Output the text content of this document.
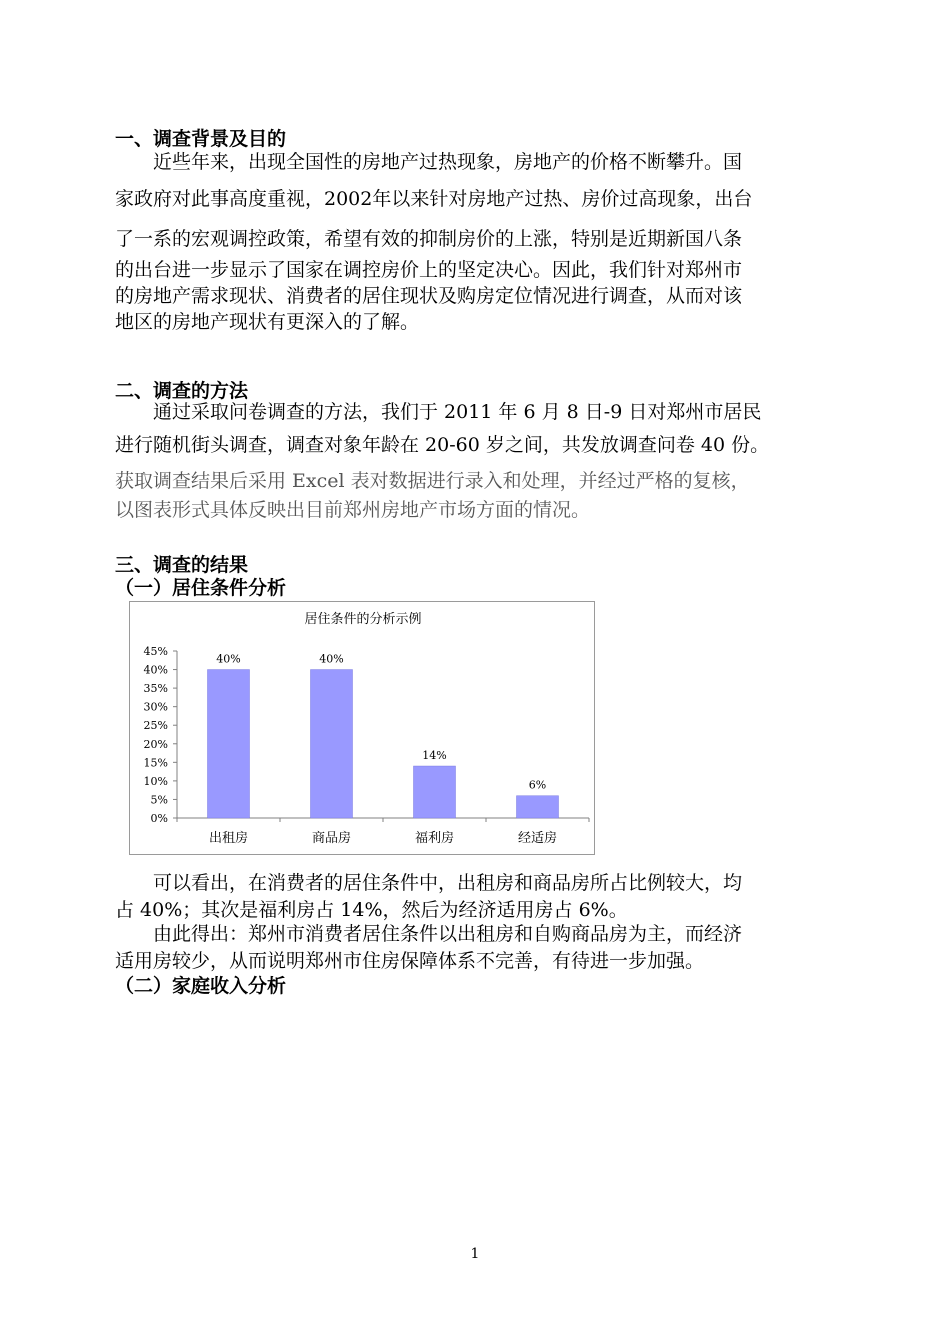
一、调查背景及目的
　　近些年来，出现全国性的房地产过热现象，房地产的价格不断攀升。国
家政府对此事高度重视，2002年以来针对房地产过热、房价过高现象，出台
了一系的宏观调控政策，希望有效的抑制房价的上涨，特别是近期新国八条
的出台进一步显示了国家在调控房价上的坚定决心。因此，我们针对郑州市
的房地产需求现状、消费者的居住现状及购房定位情况进行调查，从而对该
地区的房地产现状有更深入的了解。
二、调查的方法
　　通过采取问卷调查的方法，我们于 2011 年 6 月 8 日-9 日对郑州市居民
进行随机街头调查，调查对象年龄在 20-60 岁之间，共发放调查问卷 40 份。
获取调查结果后采用 Excel 表对数据进行录入和处理，并经过严格的复核，
以图表形式具体反映出目前郑州房地产市场方面的情况。
三、调查的结果
（一）居住条件分析
居住条件的分析示例
0%
5%
10%
15%
20%
25%
30%
35%
40%
45%
40%
出租房
40%
商品房
14%
福利房
6%
经适房
　　可以看出，在消费者的居住条件中，出租房和商品房所占比例较大，均
占 40%；其次是福利房占 14%，然后为经济适用房占 6%。
　　由此得出：郑州市消费者居住条件以出租房和自购商品房为主，而经济
适用房较少，从而说明郑州市住房保障体系不完善，有待进一步加强。
（二）家庭收入分析
1
